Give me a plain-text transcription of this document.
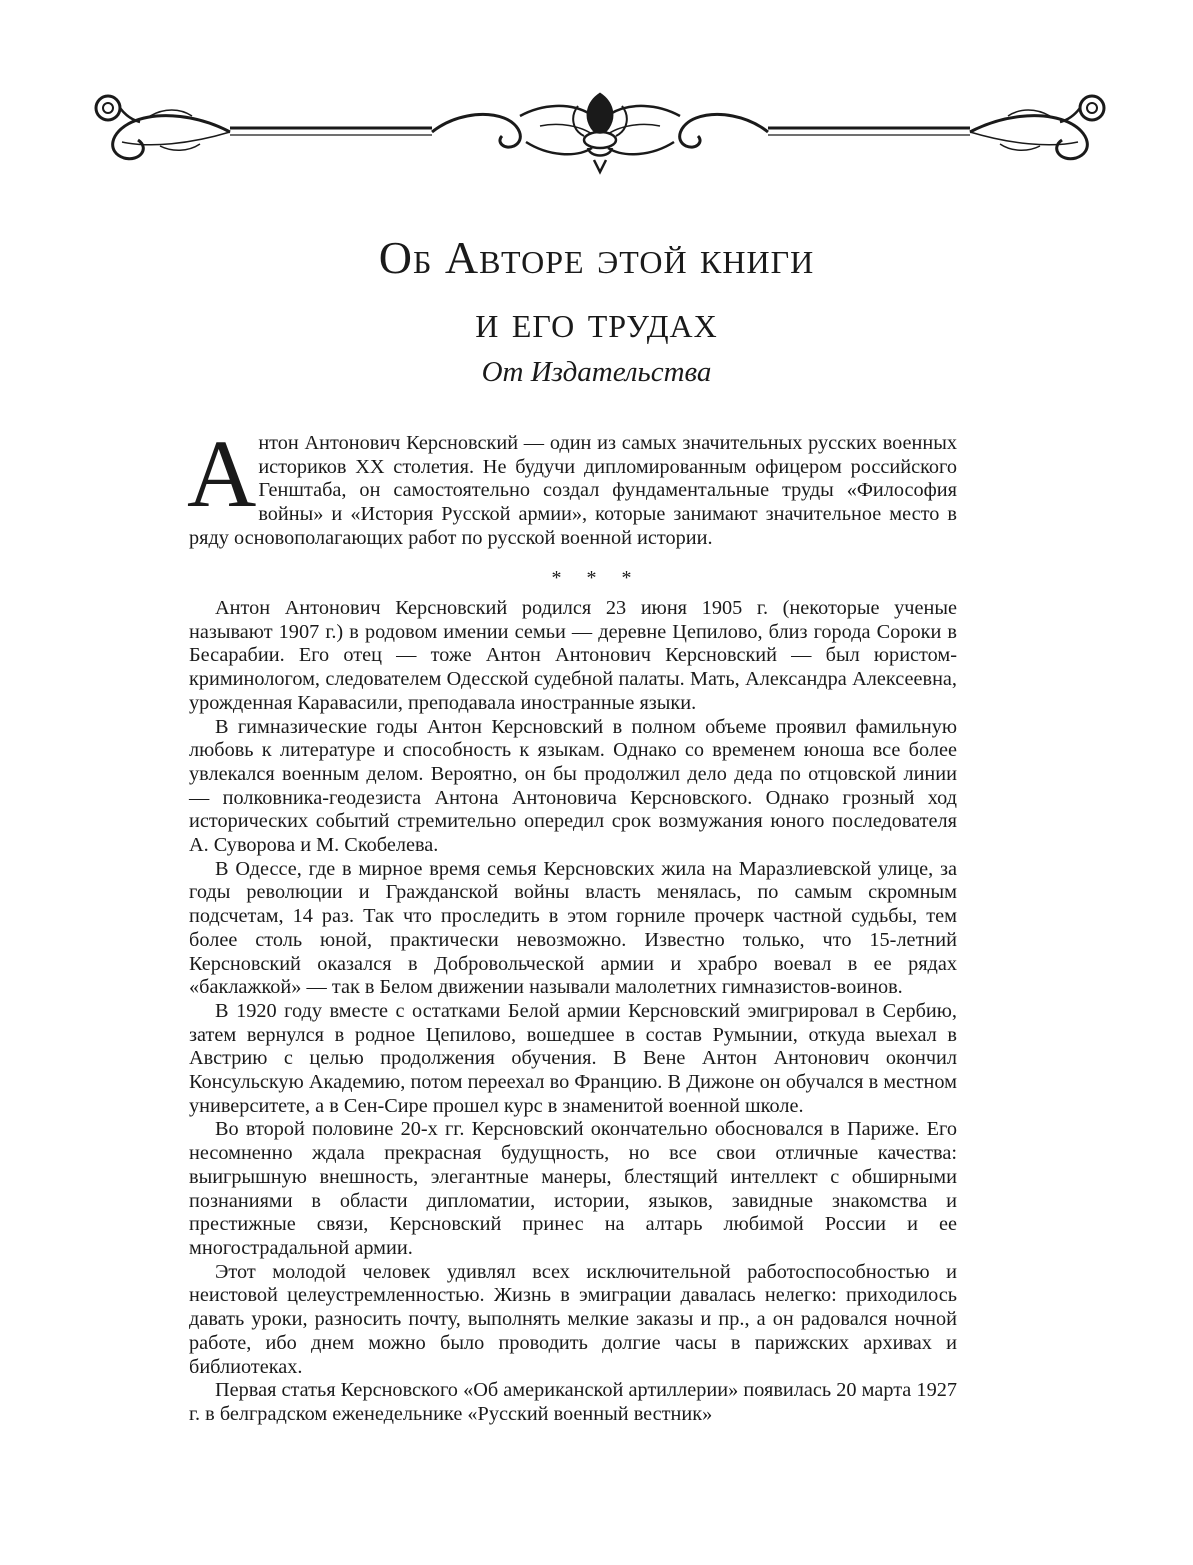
Об Авторе этой книги
и его трудах
От Издательства

Антон Антонович Керсновский — один из самых значительных русских военных историков XX столетия. Не будучи дипломированным офицером российского Генштаба, он самостоятельно создал фундаментальные труды «Философия войны» и «История Русской армии», которые занимают значительное место в ряду основополагающих работ по русской военной истории.

* * *

Антон Антонович Керсновский родился 23 июня 1905 г. (некоторые ученые называют 1907 г.) в родовом имении семьи — деревне Цепилово, близ города Сороки в Бесарабии. Его отец — тоже Антон Антонович Керсновский — был юристом-криминологом, следователем Одесской судебной палаты. Мать, Александра Алексеевна, урожденная Каравасили, преподавала иностранные языки.

В гимназические годы Антон Керсновский в полном объеме проявил фамильную любовь к литературе и способность к языкам. Однако со временем юноша все более увлекался военным делом. Вероятно, он бы продолжил дело деда по отцовской линии — полковника-геодезиста Антона Антоновича Керсновского. Однако грозный ход исторических событий стремительно опередил срок возмужания юного последователя А. Суворова и М. Скобелева.

В Одессе, где в мирное время семья Керсновских жила на Маразлиевской улице, за годы революции и Гражданской войны власть менялась, по самым скромным подсчетам, 14 раз. Так что проследить в этом горниле прочерк частной судьбы, тем более столь юной, практически невозможно. Известно только, что 15-летний Керсновский оказался в Добровольческой армии и храбро воевал в ее рядах «баклажкой» — так в Белом движении называли малолетних гимназистов-воинов.

В 1920 году вместе с остатками Белой армии Керсновский эмигрировал в Сербию, затем вернулся в родное Цепилово, вошедшее в состав Румынии, откуда выехал в Австрию с целью продолжения обучения. В Вене Антон Антонович окончил Консульскую Академию, потом переехал во Францию. В Дижоне он обучался в местном университете, а в Сен-Сире прошел курс в знаменитой военной школе.

Во второй половине 20-х гг. Керсновский окончательно обосновался в Париже. Его несомненно ждала прекрасная будущность, но все свои отличные качества: выигрышную внешность, элегантные манеры, блестящий интеллект с обширными познаниями в области дипломатии, истории, языков, завидные знакомства и престижные связи, Керсновский принес на алтарь любимой России и ее многострадальной армии.

Этот молодой человек удивлял всех исключительной работоспособностью и неистовой целеустремленностью. Жизнь в эмиграции давалась нелегко: приходилось давать уроки, разносить почту, выполнять мелкие заказы и пр., а он радовался ночной работе, ибо днем можно было проводить долгие часы в парижских архивах и библиотеках.

Первая статья Керсновского «Об американской артиллерии» появилась 20 марта 1927 г. в белградском еженедельнике «Русский военный вестник»
